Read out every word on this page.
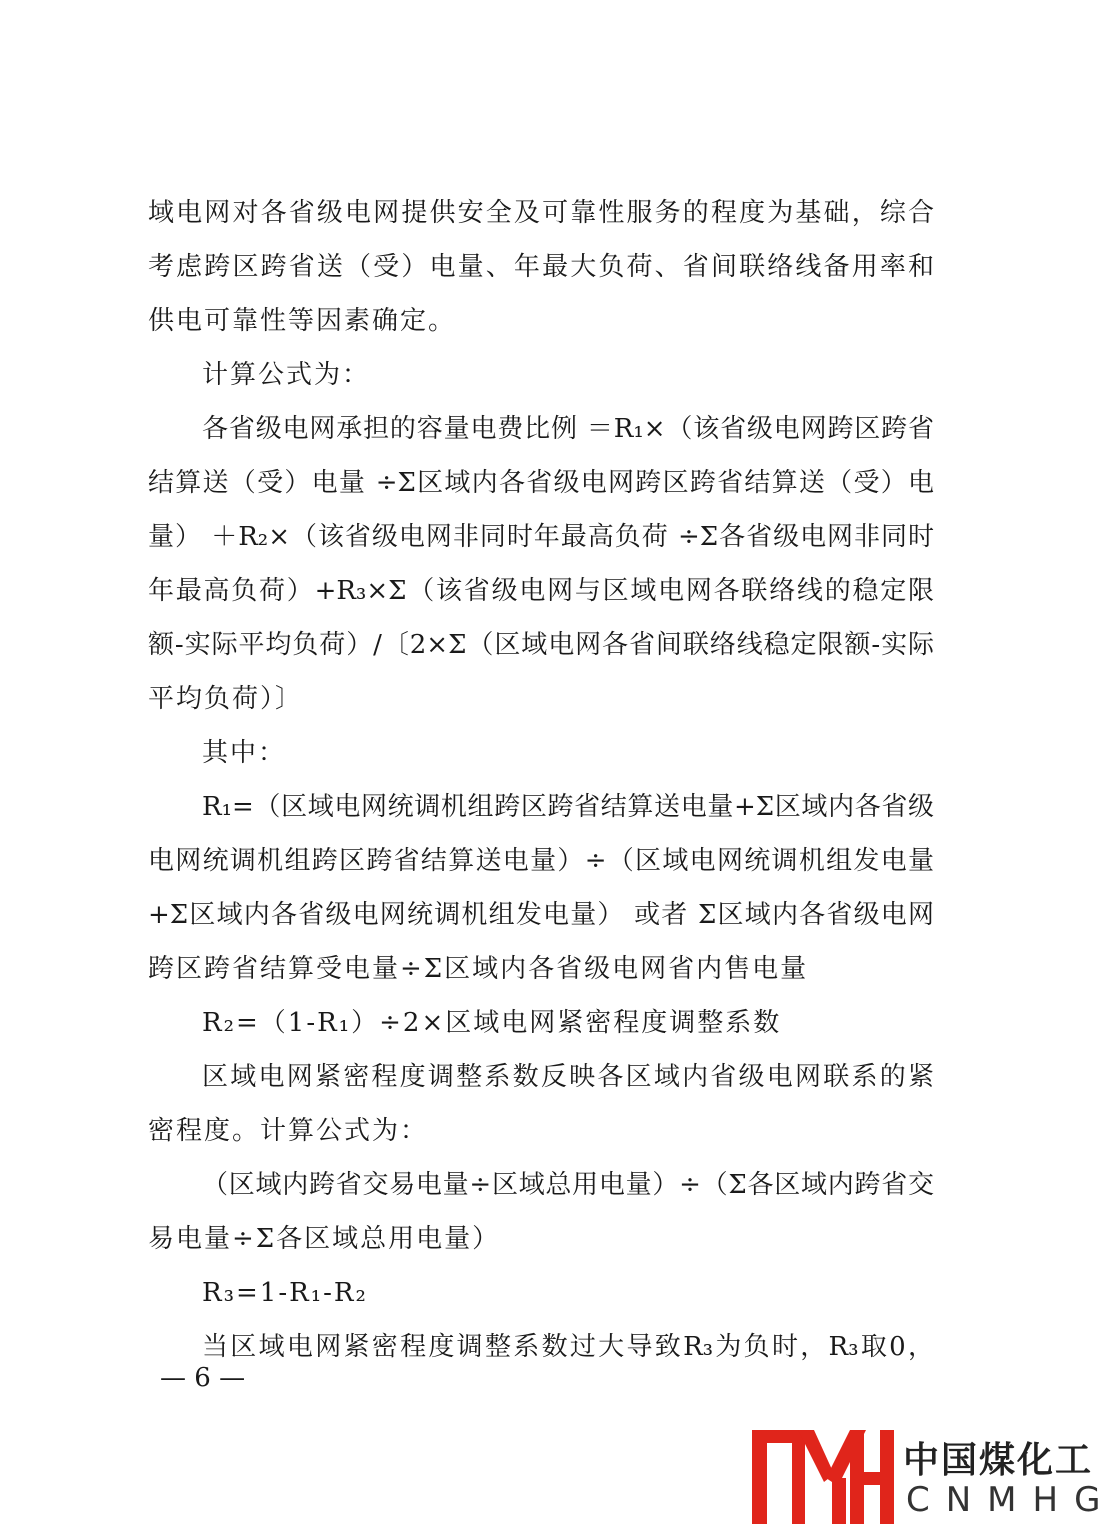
域电网对各省级电网提供安全及可靠性服务的程度为基础，综合
考虑跨区跨省送（受）电量、年最大负荷、省间联络线备用率和
供电可靠性等因素确定。
计算公式为：
各省级电网承担的容量电费比例 ＝R₁×（该省级电网跨区跨省
结算送（受）电量 ÷Σ区域内各省级电网跨区跨省结算送（受）电
量） ＋R₂×（该省级电网非同时年最高负荷 ÷Σ各省级电网非同时
年最高负荷）+R₃×Σ（该省级电网与区域电网各联络线的稳定限
额-实际平均负荷）/〔2×Σ（区域电网各省间联络线稳定限额-实际
平均负荷）〕
其中：
R₁=（区域电网统调机组跨区跨省结算送电量+Σ区域内各省级
电网统调机组跨区跨省结算送电量）÷（区域电网统调机组发电量
+Σ区域内各省级电网统调机组发电量） 或者 Σ区域内各省级电网
跨区跨省结算受电量÷Σ区域内各省级电网省内售电量
R₂=（1-R₁）÷2×区域电网紧密程度调整系数
区域电网紧密程度调整系数反映各区域内省级电网联系的紧
密程度。计算公式为：
（区域内跨省交易电量÷区域总用电量）÷（Σ各区域内跨省交
易电量÷Σ各区域总用电量）
R₃=1-R₁-R₂
当区域电网紧密程度调整系数过大导致R₃为负时，R₃取0，
— 6 —
中国煤化工
CNMHG
